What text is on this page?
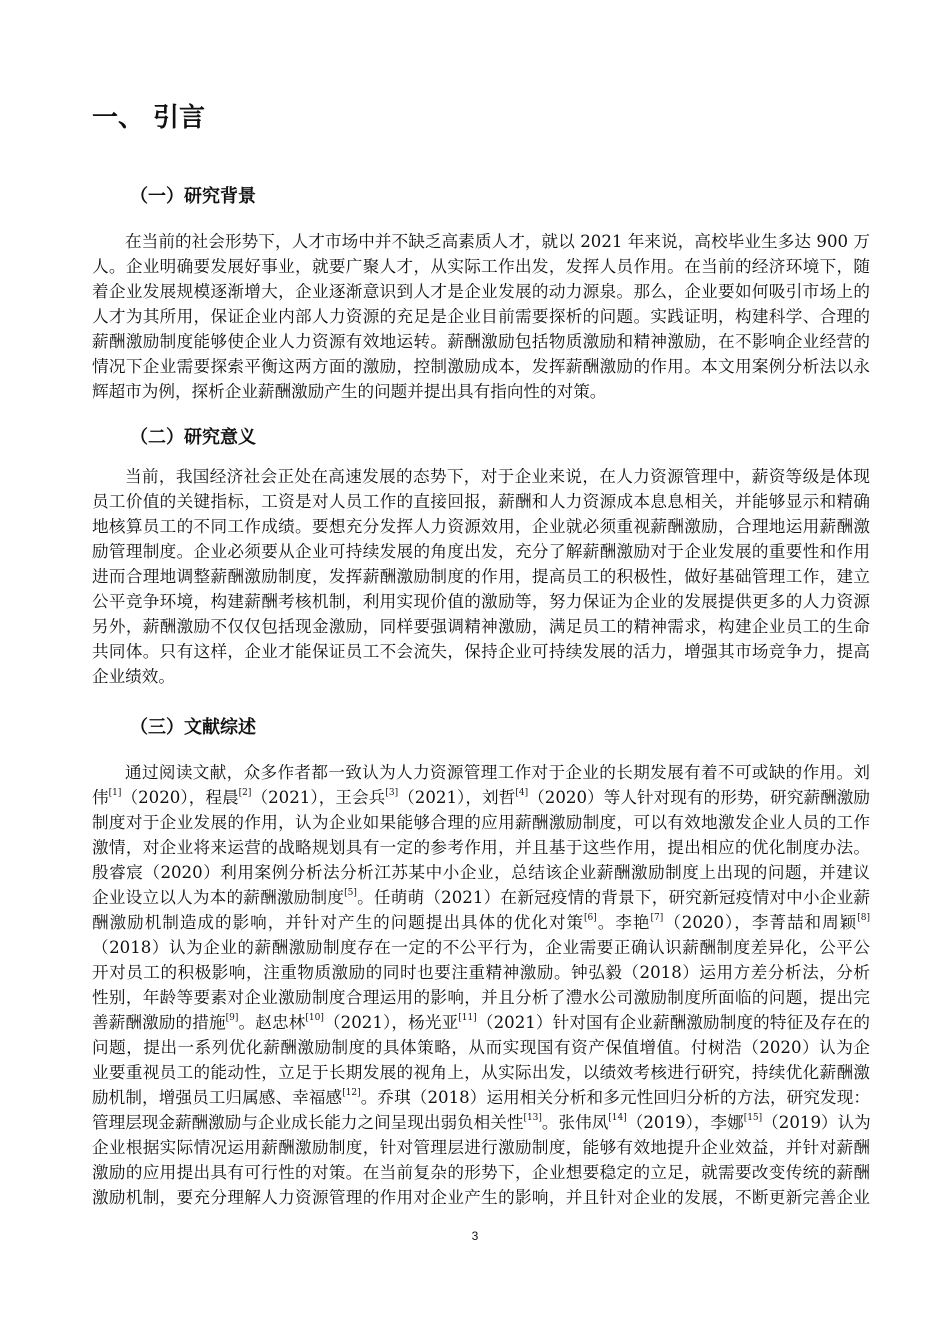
一、 引言
（一）研究背景
在当前的社会形势下，人才市场中并不缺乏高素质人才，就以 2021 年来说，高校毕业生多达 900 万
人。企业明确要发展好事业，就要广聚人才，从实际工作出发，发挥人员作用。在当前的经济环境下，随
着企业发展规模逐渐增大，企业逐渐意识到人才是企业发展的动力源泉。那么，企业要如何吸引市场上的
人才为其所用，保证企业内部人力资源的充足是企业目前需要探析的问题。实践证明，构建科学、合理的
薪酬激励制度能够使企业人力资源有效地运转。薪酬激励包括物质激励和精神激励，在不影响企业经营的
情况下企业需要探索平衡这两方面的激励，控制激励成本，发挥薪酬激励的作用。本文用案例分析法以永
辉超市为例，探析企业薪酬激励产生的问题并提出具有指向性的对策。
（二）研究意义
当前，我国经济社会正处在高速发展的态势下，对于企业来说，在人力资源管理中，薪资等级是体现
员工价值的关键指标，工资是对人员工作的直接回报，薪酬和人力资源成本息息相关，并能够显示和精确
地核算员工的不同工作成绩。要想充分发挥人力资源效用，企业就必须重视薪酬激励，合理地运用薪酬激
励管理制度。企业必须要从企业可持续发展的角度出发，充分了解薪酬激励对于企业发展的重要性和作用
进而合理地调整薪酬激励制度，发挥薪酬激励制度的作用，提高员工的积极性，做好基础管理工作，建立
公平竞争环境，构建薪酬考核机制，利用实现价值的激励等，努力保证为企业的发展提供更多的人力资源
另外，薪酬激励不仅仅包括现金激励，同样要强调精神激励，满足员工的精神需求，构建企业员工的生命
共同体。只有这样，企业才能保证员工不会流失，保持企业可持续发展的活力，增强其市场竞争力，提高
企业绩效。
（三）文献综述
通过阅读文献，众多作者都一致认为人力资源管理工作对于企业的长期发展有着不可或缺的作用。刘
伟[1]（2020），程晨[2]（2021），王会兵[3]（2021），刘哲[4]（2020）等人针对现有的形势，研究薪酬激励
制度对于企业发展的作用，认为企业如果能够合理的应用薪酬激励制度，可以有效地激发企业人员的工作
激情，对企业将来运营的战略规划具有一定的参考作用，并且基于这些作用，提出相应的优化制度办法。
殷睿宸（2020）利用案例分析法分析江苏某中小企业，总结该企业薪酬激励制度上出现的问题，并建议
企业设立以人为本的薪酬激励制度[5]。任萌萌（2021）在新冠疫情的背景下，研究新冠疫情对中小企业薪
酬激励机制造成的影响，并针对产生的问题提出具体的优化对策[6]。李艳[7]（2020），李菁喆和周颖[8]
（2018）认为企业的薪酬激励制度存在一定的不公平行为，企业需要正确认识薪酬制度差异化，公平公
开对员工的积极影响，注重物质激励的同时也要注重精神激励。钟弘毅（2018）运用方差分析法，分析
性别，年龄等要素对企业激励制度合理运用的影响，并且分析了澧水公司激励制度所面临的问题，提出完
善薪酬激励的措施[9]。赵忠林[10]（2021），杨光亚[11]（2021）针对国有企业薪酬激励制度的特征及存在的
问题，提出一系列优化薪酬激励制度的具体策略，从而实现国有资产保值增值。付树浩（2020）认为企
业要重视员工的能动性，立足于长期发展的视角上，从实际出发，以绩效考核进行研究，持续优化薪酬激
励机制，增强员工归属感、幸福感[12]。乔琪（2018）运用相关分析和多元性回归分析的方法，研究发现：
管理层现金薪酬激励与企业成长能力之间呈现出弱负相关性[13]。张伟凤[14]（2019），李娜[15]（2019）认为
企业根据实际情况运用薪酬激励制度，针对管理层进行激励制度，能够有效地提升企业效益，并针对薪酬
激励的应用提出具有可行性的对策。在当前复杂的形势下，企业想要稳定的立足，就需要改变传统的薪酬
激励机制，要充分理解人力资源管理的作用对企业产生的影响，并且针对企业的发展，不断更新完善企业
3
